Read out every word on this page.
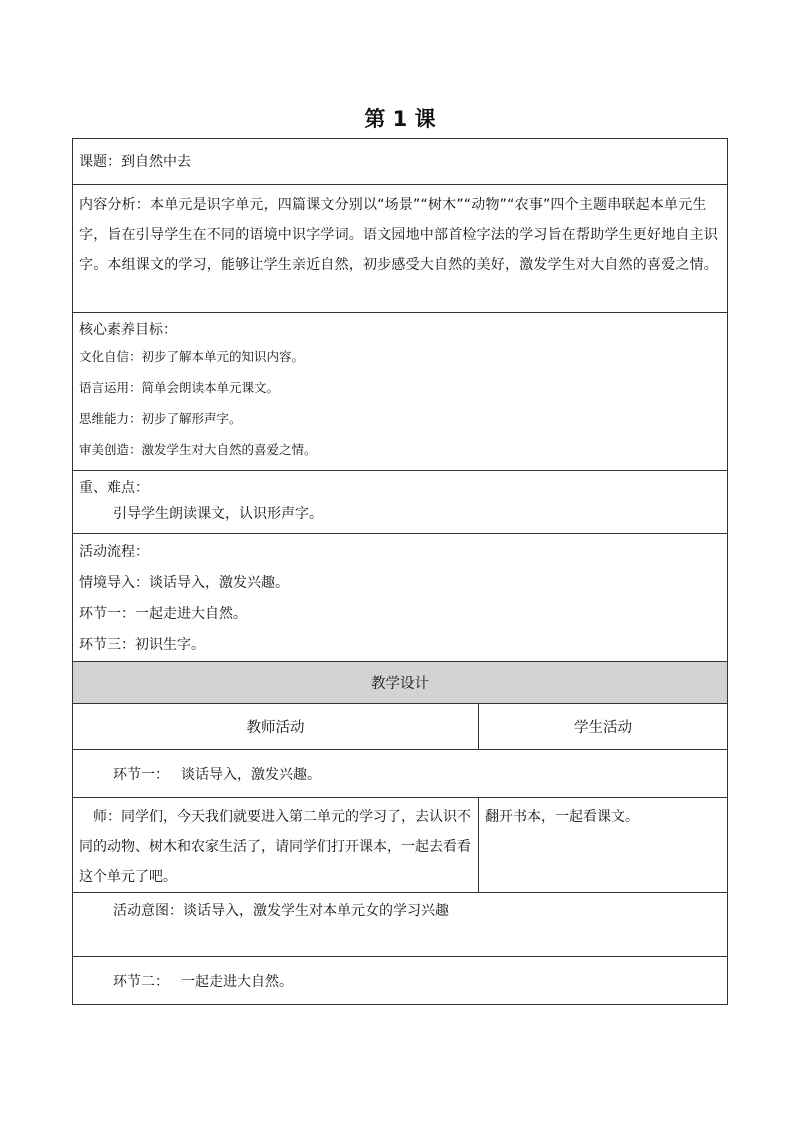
第 1 课
课题：到自然中去	

内容分析：本单元是识字单元，四篇课文分别以“场景”“树木”“动物”“农事”四个主题串联起本单元生字，旨在引导学生在不同的语境中识字学词。语文园地中部首检字法的学习旨在帮助学生更好地自主识字。本组课文的学习，能够让学生亲近自然，初步感受大自然的美好，激发学生对大自然的喜爱之情。	

核心素养目标：
文化自信：初步了解本单元的知识内容。
语言运用：简单会朗读本单元课文。
思维能力：初步了解形声字。
审美创造：激发学生对大自然的喜爱之情。	

重、难点：
引导学生朗读课文，认识形声字。	

活动流程：
情境导入：谈话导入，激发兴趣。
环节一：一起走进大自然。
环节三：初识生字。	

教学设计	
教师活动	学生活动

环节一： 谈话导入，激发兴趣。	

师：同学们，今天我们就要进入第二单元的学习了，去认识不同的动物、树木和农家生活了，请同学们打开课本，一起去看看这个单元了吧。	翻开书本，一起看课文。

活动意图：谈话导入，激发学生对本单元女的学习兴趣	

环节二： 一起走进大自然。	
